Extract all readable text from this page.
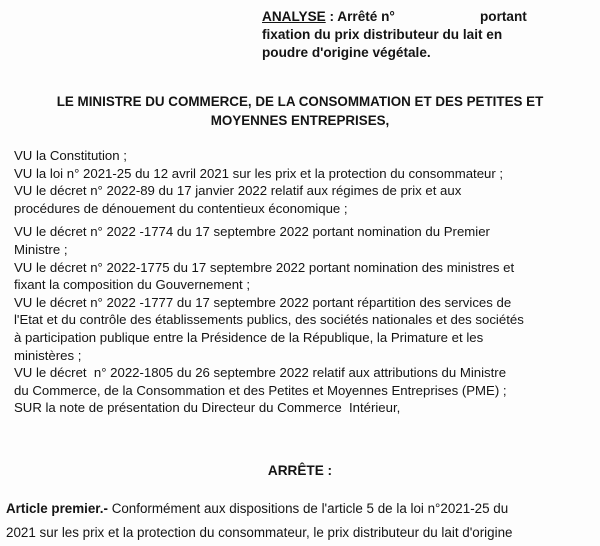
ANALYSE : Arrêté n°	portant
fixation du prix distributeur du lait en
poudre d'origine végétale.
LE MINISTRE DU COMMERCE, DE LA CONSOMMATION ET DES PETITES ET
MOYENNES ENTREPRISES,

VU la Constitution ;

VU la loi n° 2021-25 du 12 avril 2021 sur les prix et la protection du consommateur ;

VU le décret n° 2022-89 du 17 janvier 2022 relatif aux régimes de prix et aux

procédures de dénouement du contentieux économique ;

VU le décret n° 2022 -1774 du 17 septembre 2022 portant nomination du Premier

Ministre ;

VU le décret n° 2022-1775 du 17 septembre 2022 portant nomination des ministres et

fixant la composition du Gouvernement ;

VU le décret n° 2022 -1777 du 17 septembre 2022 portant répartition des services de

l'Etat et du contrôle des établissements publics, des sociétés nationales et des sociétés

à participation publique entre la Présidence de la République, la Primature et les

ministères ;

VU le décret  n° 2022-1805 du 26 septembre 2022 relatif aux attributions du Ministre

du Commerce, de la Consommation et des Petites et Moyennes Entreprises (PME) ;

SUR la note de présentation du Directeur du Commerce  Intérieur,

ARRÊTE :
Article premier.- Conformément aux dispositions de l'article 5 de la loi n°2021-25 du
2021 sur les prix et la protection du consommateur, le prix distributeur du lait d'origine
